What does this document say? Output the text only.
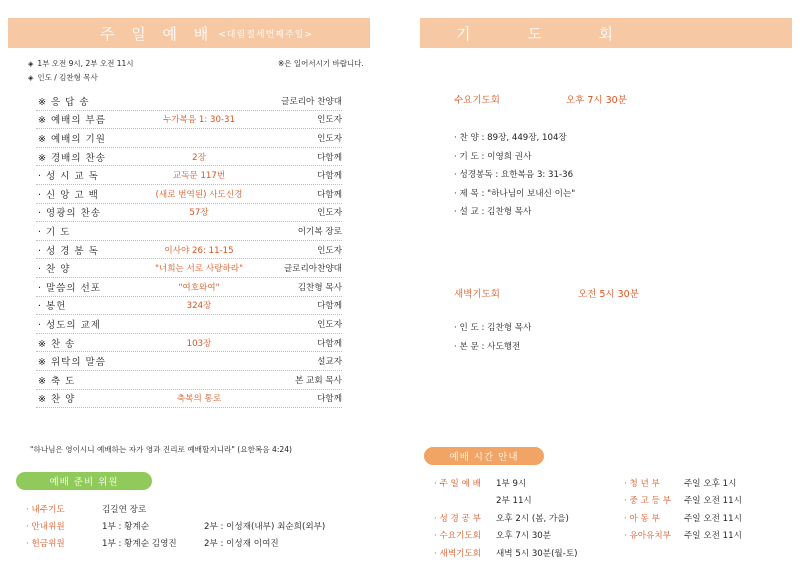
주 일 예 배 <대림절세번째주일>
◈ 1부 오전 9시, 2부 오전 11시	※은 일어서시기 바랍니다.
◈ 인도 / 김찬형 목사
※ 응 답 송	글로리아 찬양대
※ 예배의 부름	누가복음 1: 30-31	인도자
※ 예배의 기원	인도자
※ 경배의 찬송	2장	다함께
· 성 시 교 독	교독문 117번	다함께
· 신 앙 고 백	(새로 번역된) 사도신경	다함께
· 영광의 찬송	57장	인도자
· 기 도	이기복 장로
· 성 경 봉 독	이사야 26: 11-15	인도자
· 찬 양	"너희는 서로 사랑하라"	글로리아찬양대
· 말씀의 선포	"여호와여"	김찬형 목사
· 봉헌	324장	다함께
· 성도의 교제	인도자
※ 찬 송	103장	다함께
※ 위탁의 말씀	설교자
※ 축 도	본 교회 목사
※ 찬 양	축복의 통로	다함께
"하나님은 영이시니 예배하는 자가 영과 진리로 예배할지니라" (요한복음 4:24)
예배 준비 위원
· 내주기도	김길연 장로
· 안내위원	1부 : 황계순	2부 : 이성재(내부) 최순희(외부)
· 헌금위원	1부 : 황계순 김영진	2부 : 이성재 이여진
기 도 회
수요기도회	오후 7시 30분
· 찬 양 : 89장, 449장, 104장
· 기 도 : 이영희 권사
· 성경봉독 : 요한복음 3: 31-36
· 제 목 : "하나님이 보내신 이는"
· 설 교 : 김찬형 목사
새벽기도회	오전 5시 30분
· 인 도 : 김찬형 목사
· 본 문 : 사도행전
예배 시간 안내
· 주 일 예 배	1부 9시
2부 11시
· 성 경 공 부	오후 2시 (봄, 가을)
· 수요기도회	오후 7시 30분
· 새벽기도회	새벽 5시 30분(월-토)
· 청 년 부	주일 오후 1시
· 중 고 등 부	주일 오전 11시
· 아 동 부	주일 오전 11시
· 유아유치부	주일 오전 11시
